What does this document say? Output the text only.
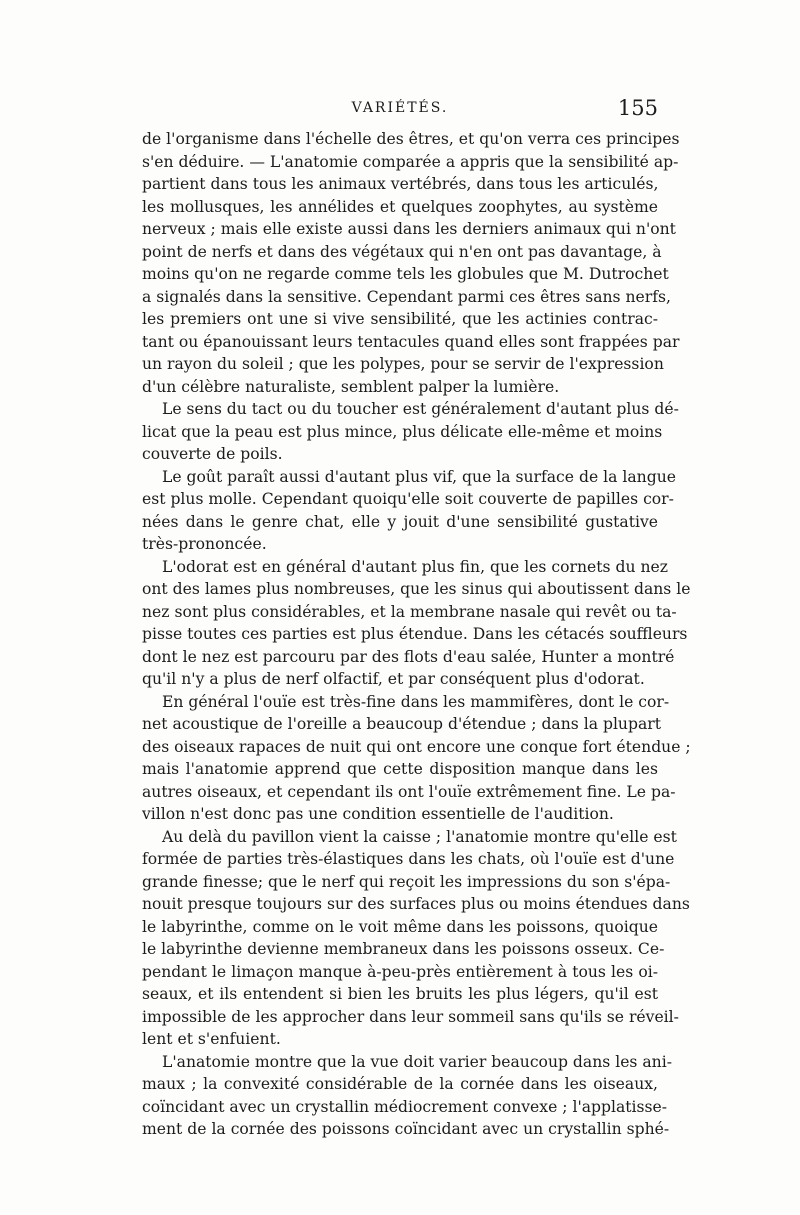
VARIÉTÉS.	155

de l'organisme dans l'échelle des êtres, et qu'on verra ces principes
s'en déduire. — L'anatomie comparée a appris que la sensibilité ap-
partient dans tous les animaux vertébrés, dans tous les articulés,
les mollusques, les annélides et quelques zoophytes, au système
nerveux ; mais elle existe aussi dans les derniers animaux qui n'ont
point de nerfs et dans des végétaux qui n'en ont pas davantage, à
moins qu'on ne regarde comme tels les globules que M. Dutrochet
a signalés dans la sensitive. Cependant parmi ces êtres sans nerfs,
les premiers ont une si vive sensibilité, que les actinies contrac-
tant ou épanouissant leurs tentacules quand elles sont frappées par
un rayon du soleil ; que les polypes, pour se servir de l'expression
d'un célèbre naturaliste, semblent palper la lumière.

Le sens du tact ou du toucher est généralement d'autant plus dé-
licat que la peau est plus mince, plus délicate elle-même et moins
couverte de poils.

Le goût paraît aussi d'autant plus vif, que la surface de la langue
est plus molle. Cependant quoiqu'elle soit couverte de papilles cor-
nées dans le genre chat, elle y jouit d'une sensibilité gustative
très-prononcée.

L'odorat est en général d'autant plus fin, que les cornets du nez
ont des lames plus nombreuses, que les sinus qui aboutissent dans le
nez sont plus considérables, et la membrane nasale qui revêt ou ta-
pisse toutes ces parties est plus étendue. Dans les cétacés souffleurs
dont le nez est parcouru par des flots d'eau salée, Hunter a montré
qu'il n'y a plus de nerf olfactif, et par conséquent plus d'odorat.

En général l'ouïe est très-fine dans les mammifères, dont le cor-
net acoustique de l'oreille a beaucoup d'étendue ; dans la plupart
des oiseaux rapaces de nuit qui ont encore une conque fort étendue ;
mais l'anatomie apprend que cette disposition manque dans les
autres oiseaux, et cependant ils ont l'ouïe extrêmement fine. Le pa-
villon n'est donc pas une condition essentielle de l'audition.

Au delà du pavillon vient la caisse ; l'anatomie montre qu'elle est
formée de parties très-élastiques dans les chats, où l'ouïe est d'une
grande finesse; que le nerf qui reçoit les impressions du son s'épa-
nouit presque toujours sur des surfaces plus ou moins étendues dans
le labyrinthe, comme on le voit même dans les poissons, quoique
le labyrinthe devienne membraneux dans les poissons osseux. Ce-
pendant le limaçon manque à-peu-près entièrement à tous les oi-
seaux, et ils entendent si bien les bruits les plus légers, qu'il est
impossible de les approcher dans leur sommeil sans qu'ils se réveil-
lent et s'enfuient.

L'anatomie montre que la vue doit varier beaucoup dans les ani-
maux ; la convexité considérable de la cornée dans les oiseaux,
coïncidant avec un crystallin médiocrement convexe ; l'applatisse-
ment de la cornée des poissons coïncidant avec un crystallin sphé-
